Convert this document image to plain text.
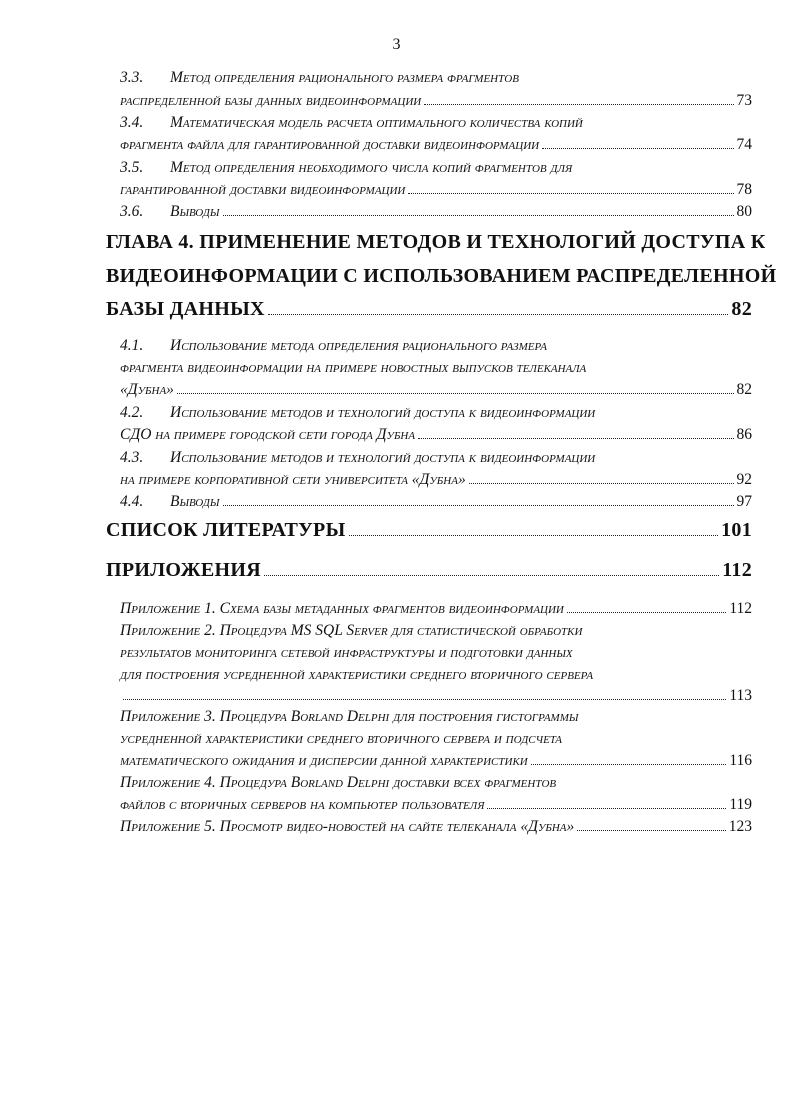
3
3.3. Метод определения рационального размера фрагментов
распределенной базы данных видеоинформации	73
3.4. Математическая модель расчета оптимального количества копий
фрагмента файла для гарантированной доставки видеоинформации	74
3.5. Метод определения необходимого числа копий фрагментов для
гарантированной доставки видеоинформации	78
3.6. Выводы	80
ГЛАВА 4. ПРИМЕНЕНИЕ МЕТОДОВ И ТЕХНОЛОГИЙ ДОСТУПА К
ВИДЕОИНФОРМАЦИИ С ИСПОЛЬЗОВАНИЕМ РАСПРЕДЕЛЕННОЙ
БАЗЫ ДАННЫХ	82
4.1. Использование метода определения рационального размера
фрагмента видеоинформации на примере новостных выпусков телеканала
«Дубна»	82
4.2. Использование методов и технологий доступа к видеоинформации
СДО на примере городской сети города Дубна	86
4.3. Использование методов и технологий доступа к видеоинформации
на примере корпоративной сети университета «Дубна»	92
4.4. Выводы	97
СПИСОК ЛИТЕРАТУРЫ	101
ПРИЛОЖЕНИЯ	112
Приложение 1. Схема базы метаданных фрагментов видеоинформации	112
Приложение 2. Процедура MS SQL Server для статистической обработки
результатов мониторинга сетевой инфраструктуры и подготовки данных
для построения усредненной характеристики среднего вторичного сервера
113
Приложение 3. Процедура Borland Delphi для построения гистограммы
усредненной характеристики среднего вторичного сервера и подсчета
математического ожидания и дисперсии данной характеристики	116
Приложение 4. Процедура Borland Delphi доставки всех фрагментов
файлов с вторичных серверов на компьютер пользователя	119
Приложение 5. Просмотр видео-новостей на сайте телеканала «Дубна»	123
